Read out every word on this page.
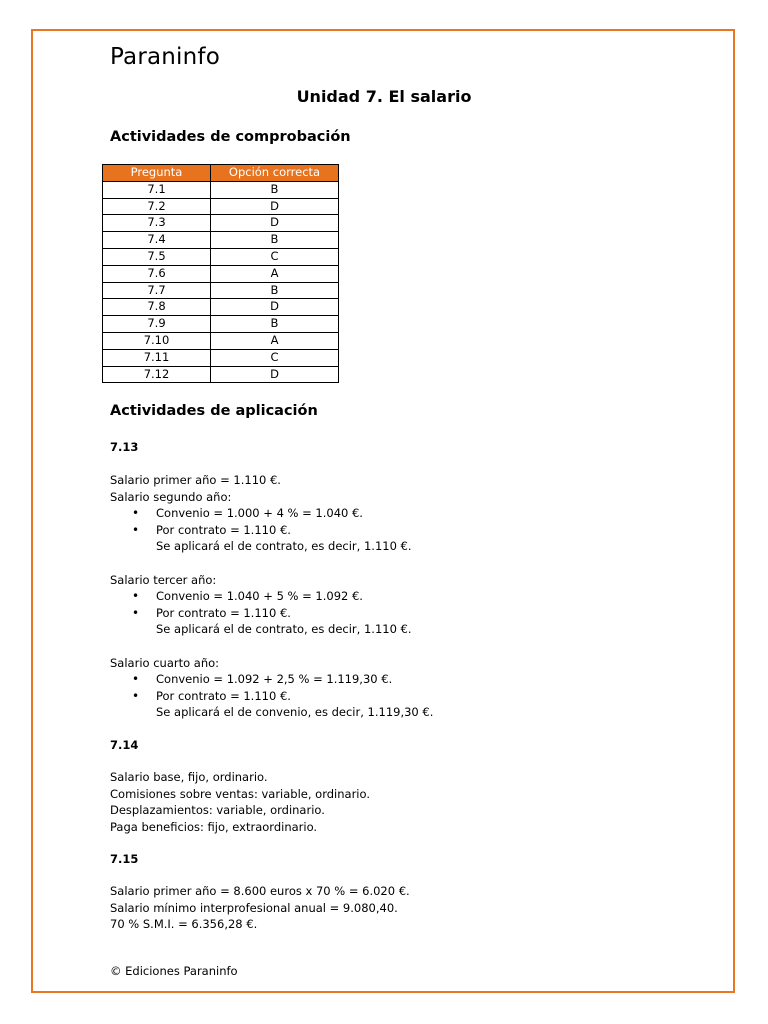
Paraninfo
Unidad 7. El salario
Actividades de comprobación
Pregunta	Opción correcta
7.1	B
7.2	D
7.3	D
7.4	B
7.5	C
7.6	A
7.7	B
7.8	D
7.9	B
7.10	A
7.11	C
7.12	D
Actividades de aplicación
7.13
Salario primer año = 1.110 €.
Salario segundo año:
• Convenio = 1.000 + 4 % = 1.040 €.
• Por contrato = 1.110 €.
Se aplicará el de contrato, es decir, 1.110 €.

Salario tercer año:
• Convenio = 1.040 + 5 % = 1.092 €.
• Por contrato = 1.110 €.
Se aplicará el de contrato, es decir, 1.110 €.

Salario cuarto año:
• Convenio = 1.092 + 2,5 % = 1.119,30 €.
• Por contrato = 1.110 €.
Se aplicará el de convenio, es decir, 1.119,30 €.
7.14
Salario base, fijo, ordinario.
Comisiones sobre ventas: variable, ordinario.
Desplazamientos: variable, ordinario.
Paga beneficios: fijo, extraordinario.
7.15
Salario primer año = 8.600 euros x 70 % = 6.020 €.
Salario mínimo interprofesional anual = 9.080,40.
70 % S.M.I. = 6.356,28 €.
© Ediciones Paraninfo
